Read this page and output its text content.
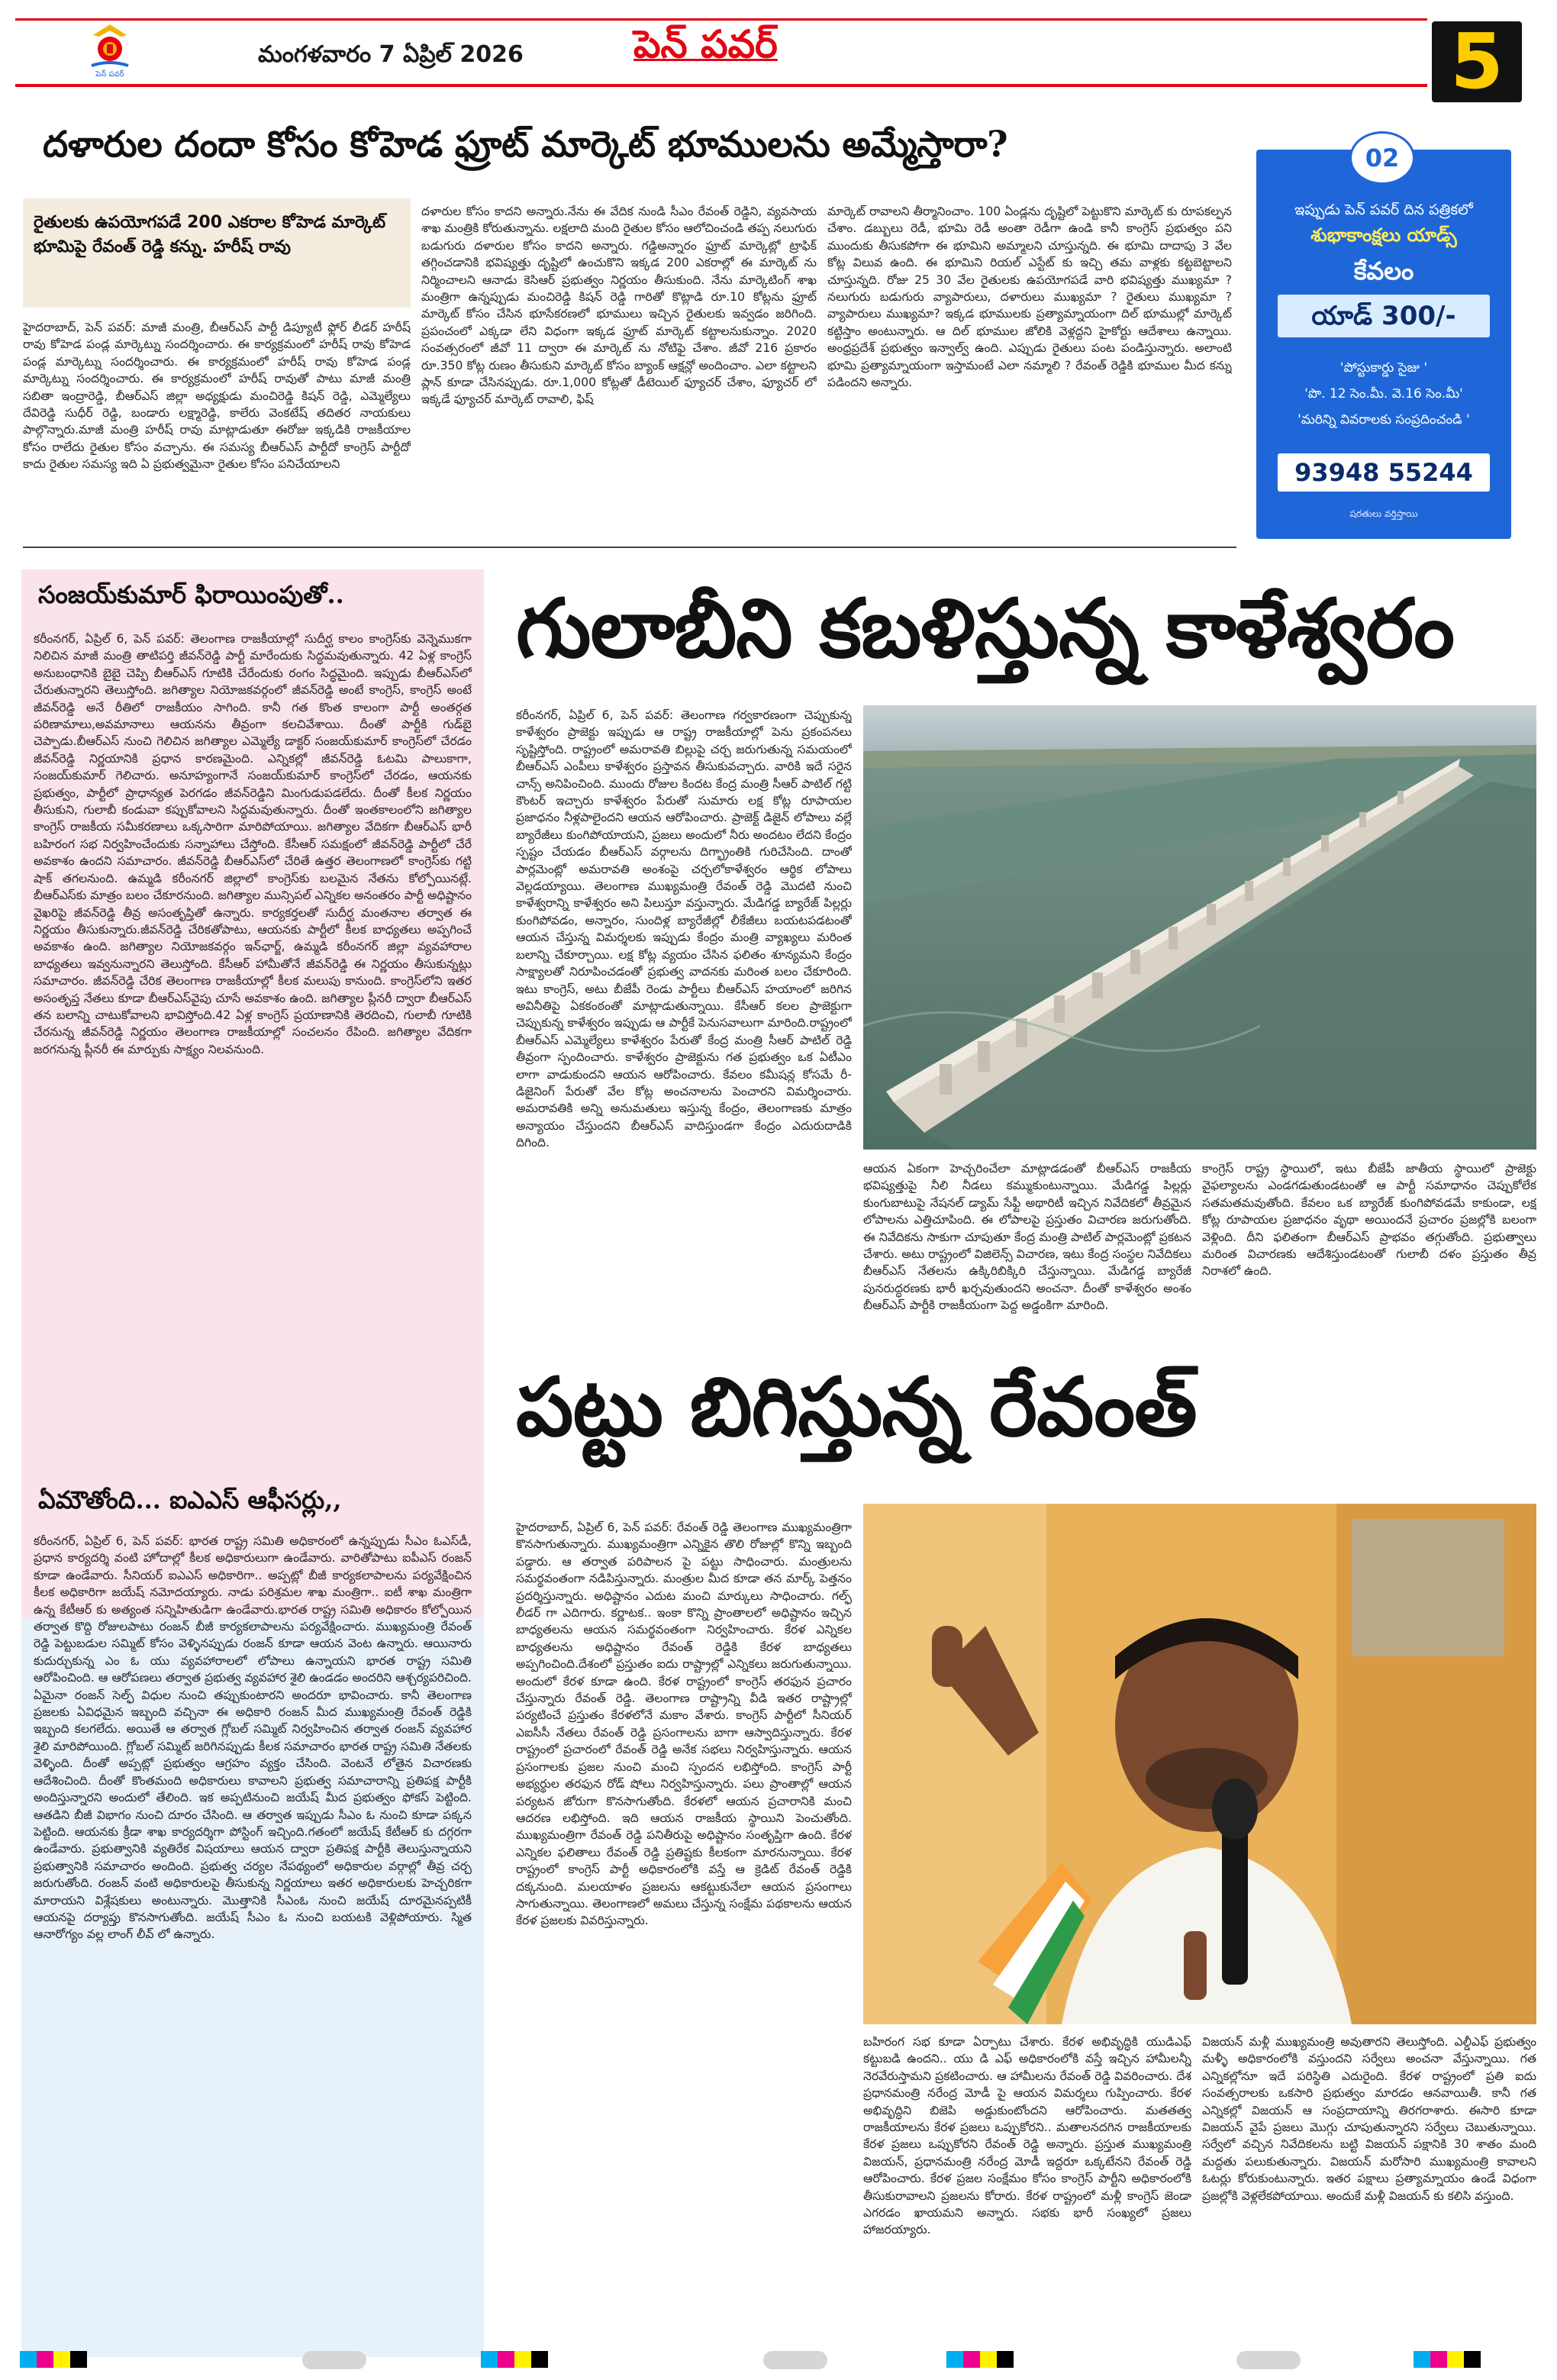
పెన్ పవర్
మంగళవారం 7 ఏప్రిల్ 2026	పెన్ పవర్	5
దళారుల దందా కోసం కోహెడ ఫ్రూట్ మార్కెట్ భూములను అమ్మేస్తారా?

రైతులకు ఉపయోగపడే 200 ఎకరాల కోహెడ మార్కెట్ భూమిపై రేవంత్ రెడ్డి కన్ను. హరీష్ రావు

హైదరాబాద్, పెన్ పవర్: మాజీ మంత్రి, బీఆర్ఎస్ పార్టీ డిప్యూటీ ఫ్లోర్ లీడర్ హరీష్ రావు కోహెడ పండ్ల మార్కెట్ను సందర్శించారు. ఈ కార్యక్రమంలో హరీష్ రావు కోహెడ పండ్ల మార్కెట్ను సందర్శించారు. ఈ కార్యక్రమంలో హరీష్ రావు కోహెడ పండ్ల మార్కెట్ను సందర్శించారు. ఈ కార్యక్రమంలో హరీష్ రావుతో పాటు మాజీ మంత్రి సబితా ఇంద్రారెడ్డి, బీఆర్ఎస్ జిల్లా అధ్యక్షుడు మంచిరెడ్డి కిషన్ రెడ్డి, ఎమ్మెల్యేలు దేవిరెడ్డి సుధీర్ రెడ్డి, బండారు లక్ష్మారెడ్డి, కాలేరు వెంకటేష్ తదితర నాయకులు పాల్గొన్నారు.మాజీ మంత్రి హరీష్ రావు మాట్లాడుతూ ఈరోజు ఇక్కడికి రాజకీయాల కోసం రాలేదు రైతుల కోసం వచ్చాను. ఈ సమస్య బీఆర్ఎస్ పార్టీదో కాంగ్రెస్ పార్టీదో కాదు రైతుల సమస్య ఇది ఏ ప్రభుత్వమైనా రైతుల కోసం పనిచేయాలని

దళారుల కోసం కాదని అన్నారు.నేను ఈ వేదిక నుండి సీఎం రేవంత్ రెడ్డిని, వ్యవసాయ శాఖ మంత్రికి కోరుతున్నాను. లక్షలాది మంది రైతుల కోసం ఆలోచించండి తప్ప నలుగురు బడుగురు దళారుల కోసం కాదని అన్నారు. గడ్డిఅన్నారం ఫ్రూట్ మార్కెట్లో ట్రాఫిక్ తగ్గించడానికి భవిష్యత్తు దృష్టిలో ఉంచుకొని ఇక్కడ 200 ఎకరాల్లో ఈ మార్కెట్ ను నిర్మించాలని ఆనాడు కెసిఆర్ ప్రభుత్వం నిర్ణయం తీసుకుంది. నేను మార్కెటింగ్ శాఖ మంత్రిగా ఉన్నప్పుడు మంచిరెడ్డి కిషన్ రెడ్డి గారితో కొట్లాడి రూ.10 కోట్లను ఫ్రూట్ మార్కెట్ కోసం చేసిన భూసేకరణలో భూములు ఇచ్చిన రైతులకు ఇవ్వడం జరిగింది. ప్రపంచంలో ఎక్కడా లేని విధంగా ఇక్కడ ఫ్రూట్ మార్కెట్ కట్టాలనుకున్నాం. 2020 సంవత్సరంలో జీవో 11 ద్వారా ఈ మార్కెట్ ను నోటిఫై చేశాం. జీవో 216 ప్రకారం రూ.350 కోట్ల రుణం తీసుకుని మార్కెట్ కోసం బ్యాంక్ ఆక్షన్లో అందించాం. ఎలా కట్టాలని ప్లాన్ కూడా చేసినప్పుడు. రూ.1,000 కోట్లతో డీటెయిల్ ఫ్యూచర్ చేశాం, ఫ్యూచర్ లో ఇక్కడే ఫ్యూచర్ మార్కెట్ రావాలి, ఫిష్

మార్కెట్ రావాలని తీర్మానించాం. 100 ఏండ్లను దృష్టిలో పెట్టుకొని మార్కెట్ కు రూపకల్పన చేశాం. డబ్బులు రెడీ, భూమి రెడీ అంతా రెడీగా ఉండి కానీ కాంగ్రెస్ ప్రభుత్వం పని ముందుకు తీసుకపోగా ఈ భూమిని అమ్మాలని చూస్తున్నది. ఈ భూమి దాదాపు 3 వేల కోట్ల విలువ ఉంది. ఈ భూమిని రియల్ ఎస్టేట్ కు ఇచ్చి తమ వాళ్లకు కట్టబెట్టాలని చూస్తున్నది. రోజు 25 30 వేల రైతులకు ఉపయోగపడే వారి భవిష్యత్తు ముఖ్యమా ? నలుగురు బడుగురు వ్యాపారులు, దళారులు ముఖ్యమా ? రైతులు ముఖ్యమా ? వ్యాపారులు ముఖ్యమా? ఇక్కడ భూములకు ప్రత్యామ్నాయంగా దిల్ భూముల్లో మార్కెట్ కట్టిస్తాం అంటున్నారు. ఆ దిల్ భూముల జోలికి వెళ్లద్దని హైకోర్టు ఆదేశాలు ఉన్నాయి. అంధ్రప్రదేశ్ ప్రభుత్వం ఇన్వాల్వ్ ఉంది. ఎప్పుడు రైతులు పంట పండిస్తున్నారు. అలాంటి భూమి ప్రత్యామ్నాయంగా ఇస్తామంటే ఎలా నమ్మాలి ? రేవంత్ రెడ్డికి భూముల మీద కన్ను పడిందని అన్నారు.

02
ఇప్పుడు పెన్ పవర్ దిన పత్రికలో
శుభాకాంక్షలు యాడ్స్
కేవలం
యాడ్ 300/-
'పోస్టుకార్డు సైజు '
'పొ. 12 సెం.మీ. వె.16 సెం.మీ'
'మరిన్ని వివరాలకు సంప్రదించండి '
93948 55244
షరతులు వర్తిస్తాయి
సంజయ్‌కుమార్ ఫిరాయింపుతో..

కరీంనగర్, ఏప్రిల్ 6, పెన్ పవర్: తెలంగాణ రాజకీయాల్లో సుదీర్ఘ కాలం కాంగ్రెస్‌కు వెన్నెముకగా నిలిచిన మాజీ మంత్రి తాటిపర్తి జీవన్‌రెడ్డి పార్టీ మారేందుకు సిద్ధమవుతున్నారు. 42 ఏళ్ల కాంగ్రెస్ అనుబంధానికి బైబై చెప్పి బీఆర్ఎస్ గూటికి చేరేందుకు రంగం సిద్ధమైంది. ఇప్పుడు బీఆర్ఎస్‌లో చేరుతున్నారని తెలుస్తోంది. జగిత్యాల నియోజకవర్గంలో జీవన్‌రెడ్డి అంటే కాంగ్రెస్, కాంగ్రెస్ అంటే జీవన్‌రెడ్డి అనే రీతిలో రాజకీయం సాగింది. కానీ గత కొంత కాలంగా పార్టీ అంతర్గత పరిణామాలు,అవమానాలు ఆయనను తీవ్రంగా కలచివేశాయి. దీంతో పార్టీకి గుడ్‌బై చెప్పాడు.బీఆర్ఎస్ నుంచి గెలిచిన జగిత్యాల ఎమ్మెల్యే డాక్టర్ సంజయ్‌కుమార్ కాంగ్రెస్‌లో చేరడం జీవన్‌రెడ్డి నిర్ణయానికి ప్రధాన కారణమైంది. ఎన్నికల్లో జీవన్‌రెడ్డి ఓటమి పాలుకాగా, సంజయ్‌కుమార్ గెలిచారు. అనూహ్యంగానే సంజయ్‌కుమార్ కాంగ్రెస్‌లో చేరడం, ఆయనకు ప్రభుత్వం, పార్టీలో ప్రాధాన్యత పెరగడం జీవన్‌రెడ్డిని మింగుడుపడలేదు. దీంతో కీలక నిర్ణయం తీసుకుని, గులాబీ కండువా కప్పుకోవాలని సిద్ధమవుతున్నారు. దీంతో ఇంతకాలంలోని జగిత్యాల కాంగ్రెస్ రాజకీయ సమీకరణాలు ఒక్కసారిగా మారిపోయాయి. జగిత్యాల వేదికగా బీఆర్ఎస్ భారీ బహిరంగ సభ నిర్వహించేందుకు సన్నాహాలు చేస్తోంది. కేసీఆర్ సమక్షంలో జీవన్‌రెడ్డి పార్టీలో చేరే అవకాశం ఉందని సమాచారం. జీవన్‌రెడ్డి బీఆర్ఎస్‌లో చేరితే ఉత్తర తెలంగాణలో కాంగ్రెస్‌కు గట్టి షాక్ తగలనుంది. ఉమ్మడి కరీంనగర్ జిల్లాలో కాంగ్రెస్‌కు బలమైన నేతను కోల్పోయినట్లే. బీఆర్ఎస్‌కు మాత్రం బలం చేకూరనుంది. జగిత్యాల మున్సిపల్ ఎన్నికల అనంతరం పార్టీ అధిష్టానం వైఖరిపై జీవన్‌రెడ్డి తీవ్ర అసంతృప్తితో ఉన్నారు. కార్యకర్తలతో సుదీర్ఘ మంతనాల తర్వాత ఈ నిర్ణయం తీసుకున్నారు.జీవన్‌రెడ్డి చేరికతోపాటు, ఆయనకు పార్టీలో కీలక బాధ్యతలు అప్పగించే అవకాశం ఉంది. జగిత్యాల నియోజకవర్గం ఇన్‌ఛార్జ్, ఉమ్మడి కరీంనగర్ జిల్లా వ్యవహారాల బాధ్యతలు ఇవ్వనున్నారని తెలుస్తోంది. కేసీఆర్ హామీతోనే జీవన్‌రెడ్డి ఈ నిర్ణయం తీసుకున్నట్లు సమాచారం. జీవన్‌రెడ్డి చేరిక తెలంగాణ రాజకీయాల్లో కీలక మలుపు కానుంది. కాంగ్రెస్‌లోని ఇతర అసంతృప్త నేతలు కూడా బీఆర్ఎస్‌వైపు చూసే అవకాశం ఉంది. జగిత్యాల ప్లీనరీ ద్వారా బీఆర్ఎస్ తన బలాన్ని చాటుకోవాలని భావిస్తోంది.42 ఏళ్ల కాంగ్రెస్ ప్రయాణానికి తెరదించి, గులాబీ గూటికి చేరనున్న జీవన్‌రెడ్డి నిర్ణయం తెలంగాణ రాజకీయాల్లో సంచలనం రేపింది. జగిత్యాల వేదికగా జరగనున్న ప్లీనరీ ఈ మార్పుకు సాక్ష్యం నిలవనుంది.

ఏమౌతోంది... ఐఎఎస్ ఆఫీసర్లు,,

కరీంనగర్, ఏప్రిల్ 6, పెన్ పవర్: భారత రాష్ట్ర సమితి అధికారంలో ఉన్నప్పుడు సీఎం ఓఎస్‌డీ, ప్రధాన కార్యదర్శి వంటి హోదాల్లో కీలక అధికారులుగా ఉండేవారు. వారితోపాటు ఐపీఎస్ రంజన్ కూడా ఉండేవారు. సీనియర్ ఐఎఎస్ అధికారిగా.. అప్పట్లో బీజీ కార్యకలాపాలను పర్యవేక్షించిన కీలక అధికారిగా జయేష్ నమోదయ్యారు. నాడు పరిశ్రమల శాఖ మంత్రిగా.. ఐటీ శాఖ మంత్రిగా ఉన్న కేటీఆర్ కు అత్యంత సన్నిహితుడిగా ఉండేవారు.భారత రాష్ట్ర సమితి అధికారం కోల్పోయిన తర్వాత కొద్ది రోజులపాటు రంజన్ బీజీ కార్యకలాపాలను పర్యవేక్షించారు. ముఖ్యమంత్రి రేవంత్ రెడ్డి పెట్టుబడుల సమ్మిట్ కోసం వెళ్ళినప్పుడు రంజన్ కూడా ఆయన వెంట ఉన్నారు. ఆయినారు కుదుర్చుకున్న ఎం ఓ యు వ్యవహారాలలో లోపాలు ఉన్నాయని భారత రాష్ట్ర సమితి ఆరోపించింది. ఆ ఆరోపణలు తర్వాత ప్రభుత్వ వ్యవహార శైలి ఉండడం అందరిని ఆశ్చర్యపరిచింది. ఏమైనా రంజన్ సెల్ఫ్ విధుల నుంచి తప్పుకుంటారని అందరూ భావించారు. కానీ తెలంగాణ ప్రజలకు ఏవిధమైన ఇబ్బంది వచ్చినా ఈ అధికారి రంజన్ మీద ముఖ్యమంత్రి రేవంత్ రెడ్డికి ఇబ్బంది కలగలేదు. అయితే ఆ తర్వాత గ్లోబల్ సమ్మిట్ నిర్వహించిన తర్వాత రంజన్ వ్యవహార శైలి మారిపోయింది. గ్లోబల్ సమ్మిట్ జరిగినప్పుడు కీలక సమాచారం భారత రాష్ట్ర సమితి నేతలకు వెళ్ళింది. దీంతో అప్పట్లో ప్రభుత్వం ఆగ్రహం వ్యక్తం చేసింది. వెంటనే లోతైన విచారణకు ఆదేశించింది. దీంతో కొంతమంది అధికారులు కావాలని ప్రభుత్వ సమాచారాన్ని ప్రతిపక్ష పార్టీకి అందిస్తున్నారని అందులో తేలింది. ఇక అప్పటినుంచి జయేష్ మీద ప్రభుత్వం ఫోకస్ పెట్టింది. ఆతడిని బీజీ విభాగం నుంచి దూరం చేసింది. ఆ తర్వాత ఇప్పుడు సీఎం ఓ నుంచి కూడా పక్కన పెట్టింది. ఆయనకు క్రీడా శాఖ కార్యదర్శిగా పోస్టింగ్ ఇచ్చింది.గతంలో జయేష్ కేటీఆర్ కు దగ్గరగా ఉండేవారు. ప్రభుత్వానికి వ్యతిరేక విషయాలు ఆయన ద్వారా ప్రతిపక్ష పార్టీకి తెలుస్తున్నాయని ప్రభుత్వానికి సమాచారం అందింది. ప్రభుత్వ చర్యల నేపథ్యంలో అధికారుల వర్గాల్లో తీవ్ర చర్చ జరుగుతోంది. రంజన్ వంటి అధికారులపై తీసుకున్న నిర్ణయాలు ఇతర అధికారులకు హెచ్చరికగా మారాయని విశ్లేషకులు అంటున్నారు. మొత్తానికి సీఎంఓ నుంచి జయేష్ దూరమైనప్పటికీ ఆయనపై దర్యాప్తు కొనసాగుతోంది. జయేష్ సీఎం ఓ నుంచి బయటకి వెళ్లిపోయారు. స్మిత ఆనారోగ్యం వల్ల లాంగ్ లీవ్ లో ఉన్నారు.

గులాబీని కబళిస్తున్న కాళేశ్వరం

కరీంనగర్, ఏప్రిల్ 6, పెన్ పవర్: తెలంగాణ గర్వకారణంగా చెప్పుకున్న కాళేశ్వరం ప్రాజెక్టు ఇప్పుడు ఆ రాష్ట్ర రాజకీయాల్లో పెను ప్రకంపనలు సృష్టిస్తోంది. రాష్ట్రంలో అమరావతి బిల్లుపై చర్చ జరుగుతున్న సమయంలో బీఆర్ఎస్ ఎంపీలు కాళేశ్వరం ప్రస్తావన తీసుకువచ్చారు. వారికి ఇదే సరైన చాన్స్ అనిపించింది. ముందు రోజుల కిందట కేంద్ర మంత్రి సీఆర్ పాటిల్ గట్టి కౌంటర్ ఇచ్చారు కాళేశ్వరం పేరుతో సుమారు లక్ష కోట్ల రూపాయల ప్రజాధనం నీళ్లపాలైందని ఆయన ఆరోపించారు. ప్రాజెక్ట్ డిజైన్ లోపాలు వల్లే బ్యారేజీలు కుంగిపోయాయని, ప్రజలు అందులో నీరు అందటం లేదని కేంద్రం స్పష్టం చేయడం బీఆర్ఎస్ వర్గాలను దిగ్భ్రాంతికి గురిచేసింది. దాంతో పార్లమెంట్లో అమరావతి అంశంపై చర్చలోకాళేశ్వరం ఆర్థిక లోపాలు వెల్లడయ్యాయి. తెలంగాణ ముఖ్యమంత్రి రేవంత్ రెడ్డి మొదటి నుంచి కాళేశ్వరాన్ని కాళేశ్వరం అని పిలుస్తూ వస్తున్నారు. మేడిగడ్డ బ్యారేజ్ పిల్లర్లు కుంగిపోవడం, అన్నారం, సుందిళ్ల బ్యారేజీల్లో లీకేజీలు బయటపడటంతో ఆయన చేస్తున్న విమర్శలకు ఇప్పుడు కేంద్రం మంత్రి వ్యాఖ్యలు మరింత బలాన్ని చేకూర్చాయి. లక్ష కోట్ల వ్యయం చేసిన ఫలితం శూన్యమని కేంద్రం సాక్ష్యాలతో నిరూపించడంతో ప్రభుత్వ వాదనకు మరింత బలం చేకూరింది. ఇటు కాంగ్రెస్, అటు బీజేపీ రెండు పార్టీలు బీఆర్ఎస్ హయాంలో జరిగిన అవినీతిపై ఏకకంఠంతో మాట్లాడుతున్నాయి. కేసీఆర్ కలల ప్రాజెక్టుగా చెప్పుకున్న కాళేశ్వరం ఇప్పుడు ఆ పార్టీకే పెనుసవాలుగా మారింది.రాష్ట్రంలో బీఆర్ఎస్ ఎమ్మెల్యేలు కాళేశ్వరం పేరుతో కేంద్ర మంత్రి సీఆర్ పాటిల్ రెడ్డి తీవ్రంగా స్పందించారు. కాళేశ్వరం ప్రాజెక్టును గత ప్రభుత్వం ఒక ఏటీఎం లాగా వాడుకుందని ఆయన ఆరోపించారు. కేవలం కమీషన్ల కోసమే రీ-డిజైనింగ్ పేరుతో వేల కోట్ల అంచనాలను పెంచారని విమర్శించారు. అమరావతికి అన్ని అనుమతులు ఇస్తున్న కేంద్రం, తెలంగాణకు మాత్రం అన్యాయం చేస్తుందని బీఆర్ఎస్ వాదిస్తుండగా కేంద్రం ఎదురుదాడికి దిగింది.

ఆయన ఏకంగా హెచ్చరించేలా మాట్లాడడంతో బీఆర్ఎస్ రాజకీయ భవిష్యత్తుపై నీలి నీడలు కమ్ముకుంటున్నాయి. మేడిగడ్డ పిల్లర్లు కుంగుబాటుపై నేషనల్ డ్యామ్ సేఫ్టీ అథారిటీ ఇచ్చిన నివేదికలో తీవ్రమైన లోపాలను ఎత్తిచూపింది. ఈ లోపాలపై ప్రస్తుతం విచారణ జరుగుతోంది. ఈ నివేదికను సాకుగా చూపుతూ కేంద్ర మంత్రి పాటిల్ పార్లమెంట్లో ప్రకటన చేశారు. అటు రాష్ట్రంలో విజిలెన్స్ విచారణ, ఇటు కేంద్ర సంస్థల నివేదికలు బీఆర్ఎస్ నేతలను ఉక్కిరిబిక్కిరి చేస్తున్నాయి. మేడిగడ్డ బ్యారేజీ పునరుద్ధరణకు భారీ ఖర్చవుతుందని అంచనా. దీంతో కాళేశ్వరం అంశం బీఆర్ఎస్ పార్టీకి రాజకీయంగా పెద్ద అడ్డంకిగా మారింది.

కాంగ్రెస్ రాష్ట్ర స్థాయిలో, ఇటు బీజేపీ జాతీయ స్థాయిలో ప్రాజెక్టు వైఫల్యాలను ఎండగడుతుండటంతో ఆ పార్టీ సమాధానం చెప్పుకోలేక సతమతమవుతోంది. కేవలం ఒక బ్యారేజ్ కుంగిపోవడమే కాకుండా, లక్ష కోట్ల రూపాయల ప్రజాధనం వృథా అయిందనే ప్రచారం ప్రజల్లోకి బలంగా వెళ్లింది. దీని ఫలితంగా బీఆర్ఎస్ ప్రాభవం తగ్గుతోంది. ప్రభుత్వాలు మరింత విచారణకు ఆదేశిస్తుండటంతో గులాబీ దళం ప్రస్తుతం తీవ్ర నిరాశలో ఉంది.

పట్టు బిగిస్తున్న రేవంత్

హైదరాబాద్, ఏప్రిల్ 6, పెన్ పవర్: రేవంత్ రెడ్డి తెలంగాణ ముఖ్యమంత్రిగా కొనసాగుతున్నారు. ముఖ్యమంత్రిగా ఎన్నికైన తొలి రోజుల్లో కొన్ని ఇబ్బంది పడ్డారు. ఆ తర్వాత పరిపాలన పై పట్టు సాధించారు. మంత్రులను సమర్థవంతంగా నడిపిస్తున్నారు. మంత్రుల మీద కూడా తన మార్క్ పెత్తనం ప్రదర్శిస్తున్నారు. అధిష్టానం ఎదుట మంచి మార్కులు సాధించారు. గల్ఫ్ లీడర్ గా ఎదిగారు. కర్ణాటక.. ఇంకా కొన్ని ప్రాంతాలలో అధిష్టానం ఇచ్చిన బాధ్యతలను ఆయన సమర్థవంతంగా నిర్వహించారు. కేరళ ఎన్నికల బాధ్యతలను అధిష్టానం రేవంత్ రెడ్డికి కేరళ బాధ్యతలు అప్పగించింది.దేశంలో ప్రస్తుతం ఐదు రాష్ట్రాల్లో ఎన్నికలు జరుగుతున్నాయి. అందులో కేరళ కూడా ఉంది. కేరళ రాష్ట్రంలో కాంగ్రెస్ తరఫున ప్రచారం చేస్తున్నారు రేవంత్ రెడ్డి. తెలంగాణ రాష్ట్రాన్ని వీడి ఇతర రాష్ట్రాల్లో పర్యటించే ప్రస్తుతం కేరళలోనే మకాం వేశారు. కాంగ్రెస్ పార్టీలో సీనియర్ ఎఐసీసీ నేతలు రేవంత్ రెడ్డి ప్రసంగాలను బాగా ఆస్వాదిస్తున్నారు. కేరళ రాష్ట్రంలో ప్రచారంలో రేవంత్ రెడ్డి అనేక సభలు నిర్వహిస్తున్నారు. ఆయన ప్రసంగాలకు ప్రజల నుంచి మంచి స్పందన లభిస్తోంది. కాంగ్రెస్ పార్టీ అభ్యర్థుల తరఫున రోడ్ షోలు నిర్వహిస్తున్నారు. పలు ప్రాంతాల్లో ఆయన పర్యటన జోరుగా కొనసాగుతోంది. కేరళలో ఆయన ప్రచారానికి మంచి ఆదరణ లభిస్తోంది. ఇది ఆయన రాజకీయ స్థాయిని పెంచుతోంది. ముఖ్యమంత్రిగా రేవంత్ రెడ్డి పనితీరుపై అధిష్టానం సంతృప్తిగా ఉంది. కేరళ ఎన్నికల ఫలితాలు రేవంత్ రెడ్డి ప్రతిష్టకు కీలకంగా మారనున్నాయి. కేరళ రాష్ట్రంలో కాంగ్రెస్ పార్టీ అధికారంలోకి వస్తే ఆ క్రెడిట్ రేవంత్ రెడ్డికి దక్కనుంది. మలయాళం ప్రజలను ఆకట్టుకునేలా ఆయన ప్రసంగాలు సాగుతున్నాయి. తెలంగాణలో అమలు చేస్తున్న సంక్షేమ పథకాలను ఆయన కేరళ ప్రజలకు వివరిస్తున్నారు.

బహిరంగ సభ కూడా ఏర్పాటు చేశారు. కేరళ అభివృద్ధికి యుడిఎఫ్ కట్టుబడి ఉందని.. యు డి ఎఫ్ అధికారంలోకి వస్తే ఇచ్చిన హామీలన్నీ నెరవేరుస్తామని ప్రకటించారు. ఆ హామీలను రేవంత్ రెడ్డి వివరించారు. దేశ ప్రధానమంత్రి నరేంద్ర మోడీ పై ఆయన విమర్శలు గుప్పించారు. కేరళ అభివృద్ధిని బిజెపి అడ్డుకుంటోందని ఆరోపించారు. మతతత్వ రాజకీయాలను కేరళ ప్రజలు ఒప్పుకోరని.. మతాలనదగిన రాజకీయాలకు కేరళ ప్రజలు ఒప్పుకోరని రేవంత్ రెడ్డి అన్నారు. ప్రస్తుత ముఖ్యమంత్రి విజయన్, ప్రధానమంత్రి నరేంద్ర మోడీ ఇద్దరూ ఒక్కటేనని రేవంత్ రెడ్డి ఆరోపించారు. కేరళ ప్రజల సంక్షేమం కోసం కాంగ్రెస్ పార్టీని అధికారంలోకి తీసుకురావాలని ప్రజలను కోరారు. కేరళ రాష్ట్రంలో మళ్లీ కాంగ్రెస్ జెండా ఎగరడం ఖాయమని అన్నారు. సభకు భారీ సంఖ్యలో ప్రజలు హాజరయ్యారు.

విజయన్ మళ్లీ ముఖ్యమంత్రి అవుతారని తెలుస్తోంది. ఎల్డీఎఫ్ ప్రభుత్వం మళ్ళీ అధికారంలోకి వస్తుందని సర్వేలు అంచనా వేస్తున్నాయి. గత ఎన్నికల్లోనూ ఇదే పరిస్థితి ఎదురైంది. కేరళ రాష్ట్రంలో ప్రతి ఐదు సంవత్సరాలకు ఒకసారి ప్రభుత్వం మారడం ఆనవాయితీ. కానీ గత ఎన్నికల్లో విజయన్ ఆ సంప్రదాయాన్ని తిరగరాశారు. ఈసారి కూడా విజయన్ వైపే ప్రజలు మొగ్గు చూపుతున్నారని సర్వేలు చెబుతున్నాయి. సర్వేలో వచ్చిన నివేదికలను బట్టి విజయన్ పక్షానికి 30 శాతం మంది మద్దతు పలుకుతున్నారు. విజయన్ మరోసారి ముఖ్యమంత్రి కావాలని ఓటర్లు కోరుకుంటున్నారు. ఇతర పక్షాలు ప్రత్యామ్నాయం ఉండే విధంగా ప్రజల్లోకి వెళ్లలేకపోయాయి. అందుకే మళ్లీ విజయన్ కు కలిసి వస్తుంది.
